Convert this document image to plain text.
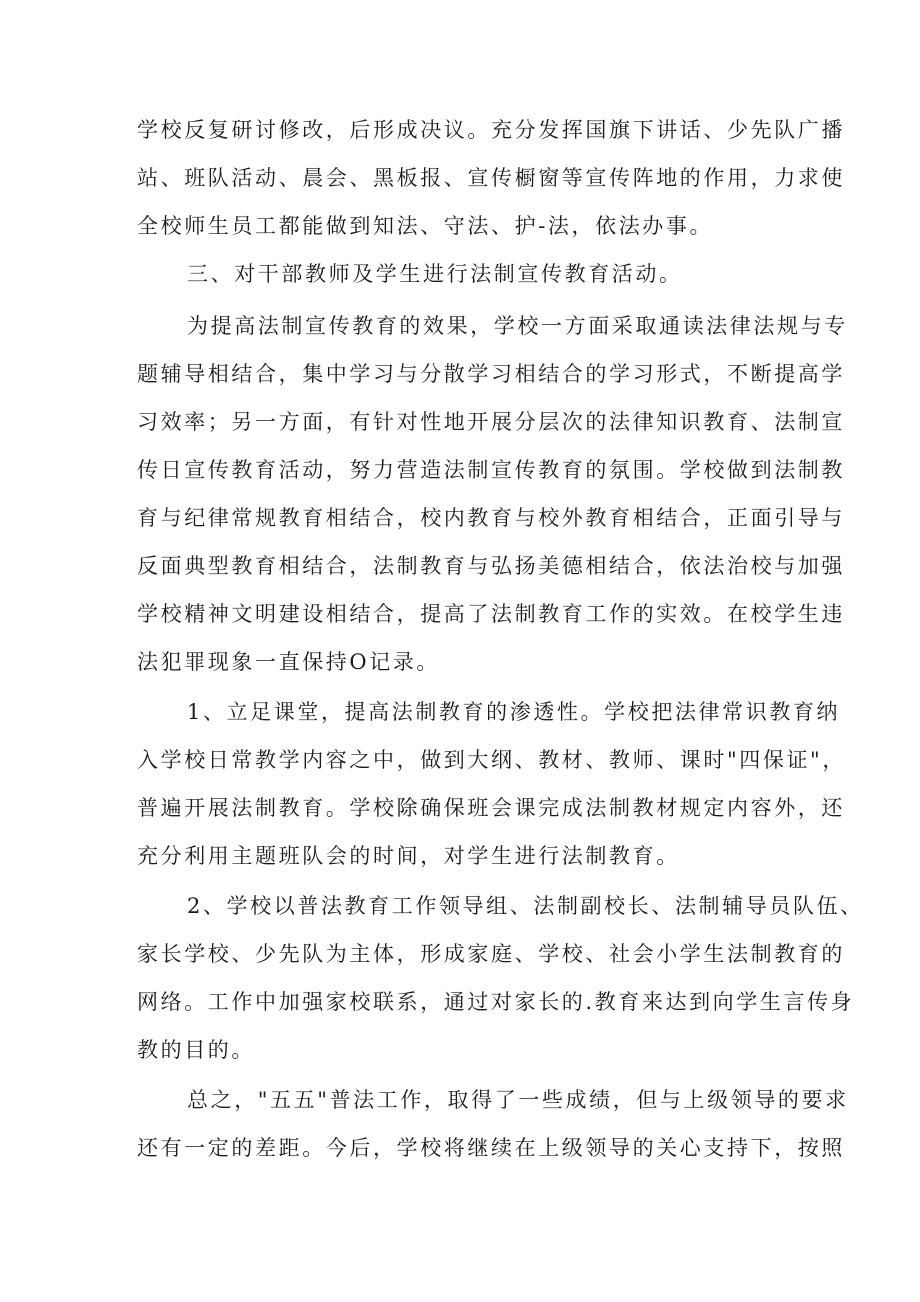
学校反复研讨修改，后形成决议。充分发挥国旗下讲话、少先队广播
站、班队活动、晨会、黑板报、宣传橱窗等宣传阵地的作用，力求使
全校师生员工都能做到知法、守法、护-法，依法办事。
三、对干部教师及学生进行法制宣传教育活动。
为提高法制宣传教育的效果，学校一方面采取通读法律法规与专
题辅导相结合，集中学习与分散学习相结合的学习形式，不断提高学
习效率；另一方面，有针对性地开展分层次的法律知识教育、法制宣
传日宣传教育活动，努力营造法制宣传教育的氛围。学校做到法制教
育与纪律常规教育相结合，校内教育与校外教育相结合，正面引导与
反面典型教育相结合，法制教育与弘扬美德相结合，依法治校与加强
学校精神文明建设相结合，提高了法制教育工作的实效。在校学生违
法犯罪现象一直保持O记录。
1、立足课堂，提高法制教育的渗透性。学校把法律常识教育纳
入学校日常教学内容之中，做到大纲、教材、教师、课时"四保证"，
普遍开展法制教育。学校除确保班会课完成法制教材规定内容外，还
充分利用主题班队会的时间，对学生进行法制教育。
2、学校以普法教育工作领导组、法制副校长、法制辅导员队伍、
家长学校、少先队为主体，形成家庭、学校、社会小学生法制教育的
网络。工作中加强家校联系，通过对家长的.教育来达到向学生言传身
教的目的。
总之，"五五"普法工作，取得了一些成绩，但与上级领导的要求
还有一定的差距。今后，学校将继续在上级领导的关心支持下，按照
